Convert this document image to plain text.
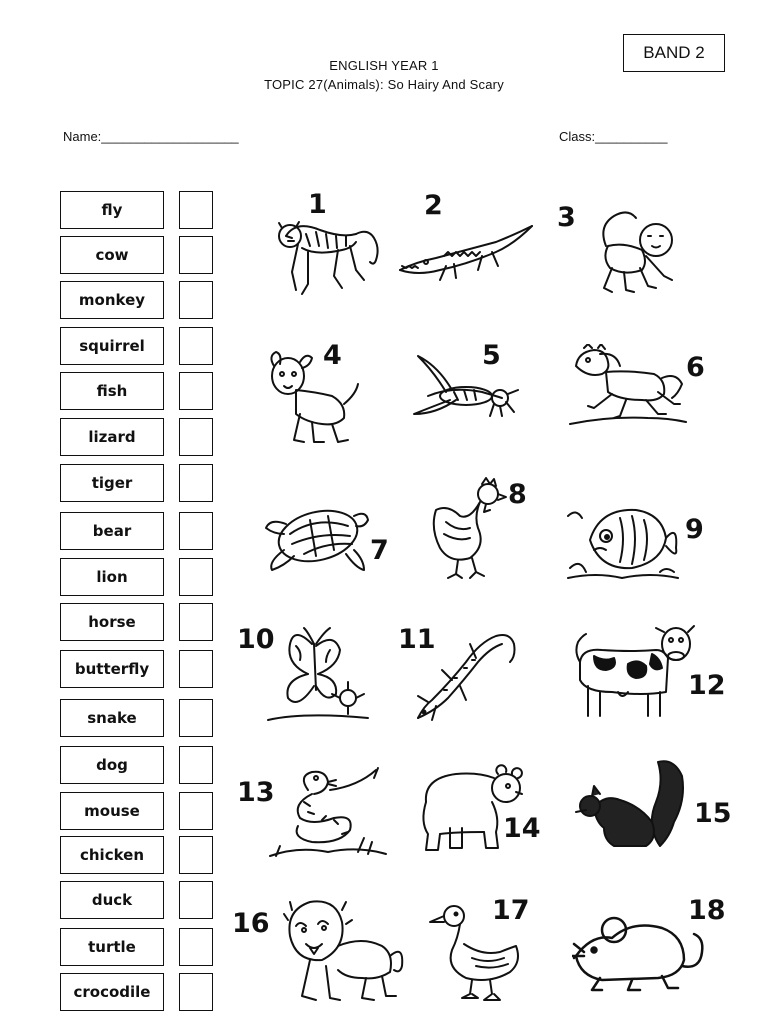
BAND 2
ENGLISH YEAR 1
TOPIC 27(Animals): So Hairy And Scary
Name:___________________	Class:__________
fly
cow
monkey
squirrel
fish
lizard
tiger
bear
lion
horse
butterfly
snake
dog
mouse
chicken
duck
turtle
crocodile
1	2	3
4	5	6
7
8
9
10	11
12
13
14	15
16	17	18
